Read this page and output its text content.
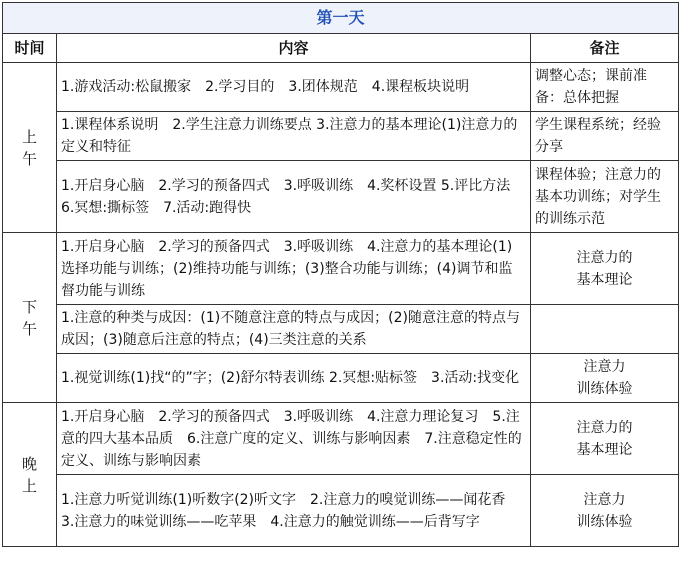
第一天		
时间	内容	备注
上
午	1.游戏活动:松鼠搬家　2.学习目的　3.团体规范　4.课程板块说明	调整心态；课前准备：总体把握
	1.课程体系说明　2.学生注意力训练要点 3.注意力的基本理论(1)注意力的定义和特征	学生课程系统；经验分享
	1.开启身心脑　2.学习的预备四式　3.呼吸训练　4.奖杯设置 5.评比方法　6.冥想:撕标签　7.活动:跑得快	课程体验；注意力的基本功训练；对学生的训练示范
下
午	1.开启身心脑　2.学习的预备四式　3.呼吸训练　4.注意力的基本理论(1)选择功能与训练；(2)维持功能与训练；(3)整合功能与训练；(4)调节和监督功能与训练	注意力的
基本理论
	1.注意的种类与成因：(1)不随意注意的特点与成因；(2)随意注意的特点与成因；(3)随意后注意的特点；(4)三类注意的关系	
	1.视觉训练(1)找“的”字；(2)舒尔特表训练 2.冥想:贴标签　3.活动:找变化	注意力
训练体验
晚
上	1.开启身心脑　2.学习的预备四式　3.呼吸训练　4.注意力理论复习　5.注意的四大基本品质　6.注意广度的定义、训练与影响因素　7.注意稳定性的定义、训练与影响因素	注意力的
基本理论
	1.注意力听觉训练(1)听数字(2)听文字　2.注意力的嗅觉训练——闻花香　3.注意力的味觉训练——吃苹果　4.注意力的触觉训练——后背写字	注意力
训练体验
